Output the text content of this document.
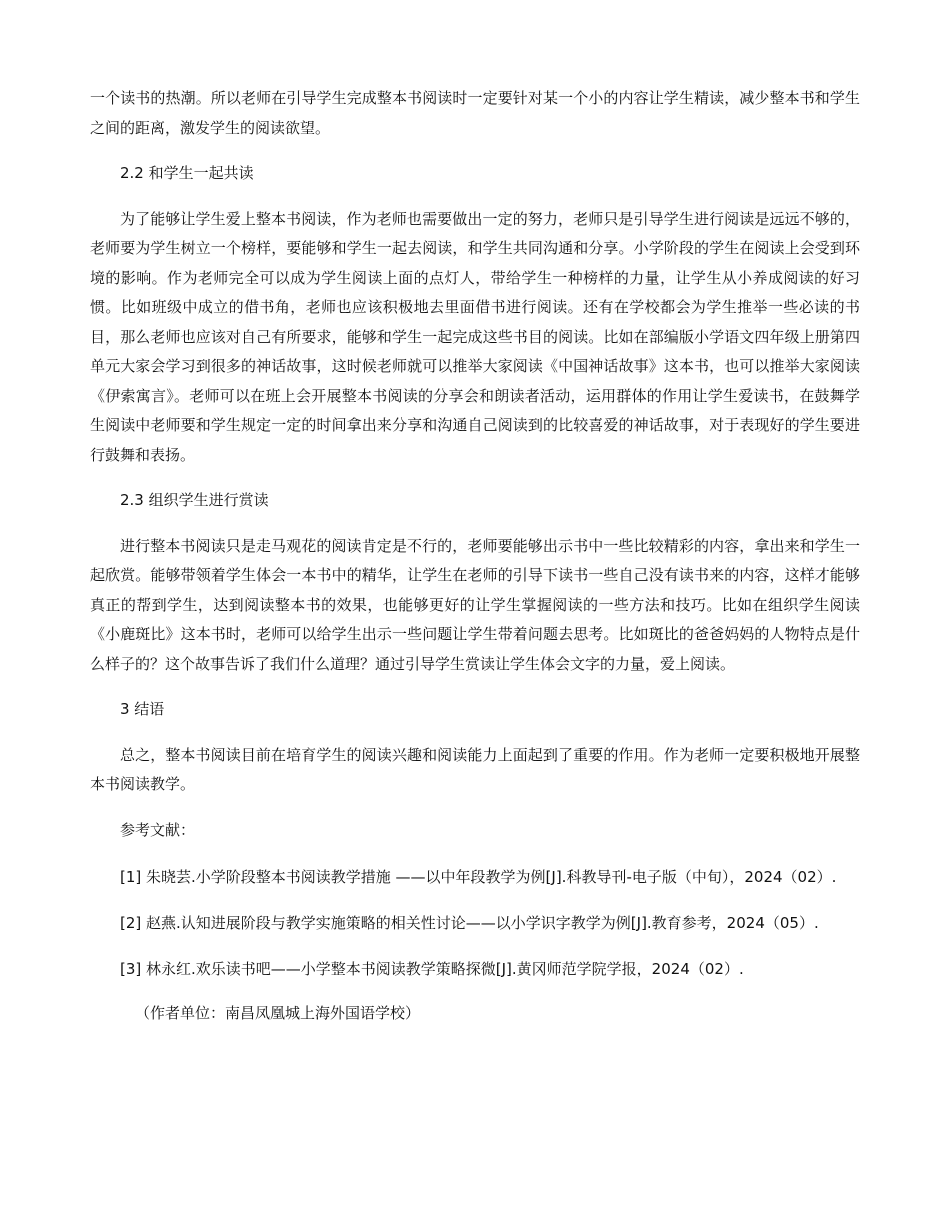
一个读书的热潮。所以老师在引导学生完成整本书阅读时一定要针对某一个小的内容让学生精读，减少整本书和学生之间的距离，激发学生的阅读欲望。

2.2 和学生一起共读

为了能够让学生爱上整本书阅读，作为老师也需要做出一定的努力，老师只是引导学生进行阅读是远远不够的，老师要为学生树立一个榜样，要能够和学生一起去阅读，和学生共同沟通和分享。小学阶段的学生在阅读上会受到环境的影响。作为老师完全可以成为学生阅读上面的点灯人，带给学生一种榜样的力量，让学生从小养成阅读的好习惯。比如班级中成立的借书角，老师也应该积极地去里面借书进行阅读。还有在学校都会为学生推举一些必读的书目，那么老师也应该对自己有所要求，能够和学生一起完成这些书目的阅读。比如在部编版小学语文四年级上册第四单元大家会学习到很多的神话故事，这时候老师就可以推举大家阅读《中国神话故事》这本书，也可以推举大家阅读《伊索寓言》。老师可以在班上会开展整本书阅读的分享会和朗读者活动，运用群体的作用让学生爱读书，在鼓舞学生阅读中老师要和学生规定一定的时间拿出来分享和沟通自己阅读到的比较喜爱的神话故事，对于表现好的学生要进行鼓舞和表扬。

2.3 组织学生进行赏读

进行整本书阅读只是走马观花的阅读肯定是不行的，老师要能够出示书中一些比较精彩的内容，拿出来和学生一起欣赏。能够带领着学生体会一本书中的精华，让学生在老师的引导下读书一些自己没有读书来的内容，这样才能够真正的帮到学生，达到阅读整本书的效果，也能够更好的让学生掌握阅读的一些方法和技巧。比如在组织学生阅读《小鹿斑比》这本书时，老师可以给学生出示一些问题让学生带着问题去思考。比如斑比的爸爸妈妈的人物特点是什么样子的？这个故事告诉了我们什么道理？通过引导学生赏读让学生体会文字的力量，爱上阅读。

3 结语

总之，整本书阅读目前在培育学生的阅读兴趣和阅读能力上面起到了重要的作用。作为老师一定要积极地开展整本书阅读教学。

参考文献：

[1] 朱晓芸.小学阶段整本书阅读教学措施 ——以中年段教学为例[J].科教导刊-电子版（中旬），2024（02）.

[2] 赵燕.认知进展阶段与教学实施策略的相关性讨论——以小学识字教学为例[J].教育参考，2024（05）.

[3] 林永红.欢乐读书吧——小学整本书阅读教学策略探微[J].黄冈师范学院学报，2024（02）.

（作者单位：南昌凤凰城上海外国语学校）
